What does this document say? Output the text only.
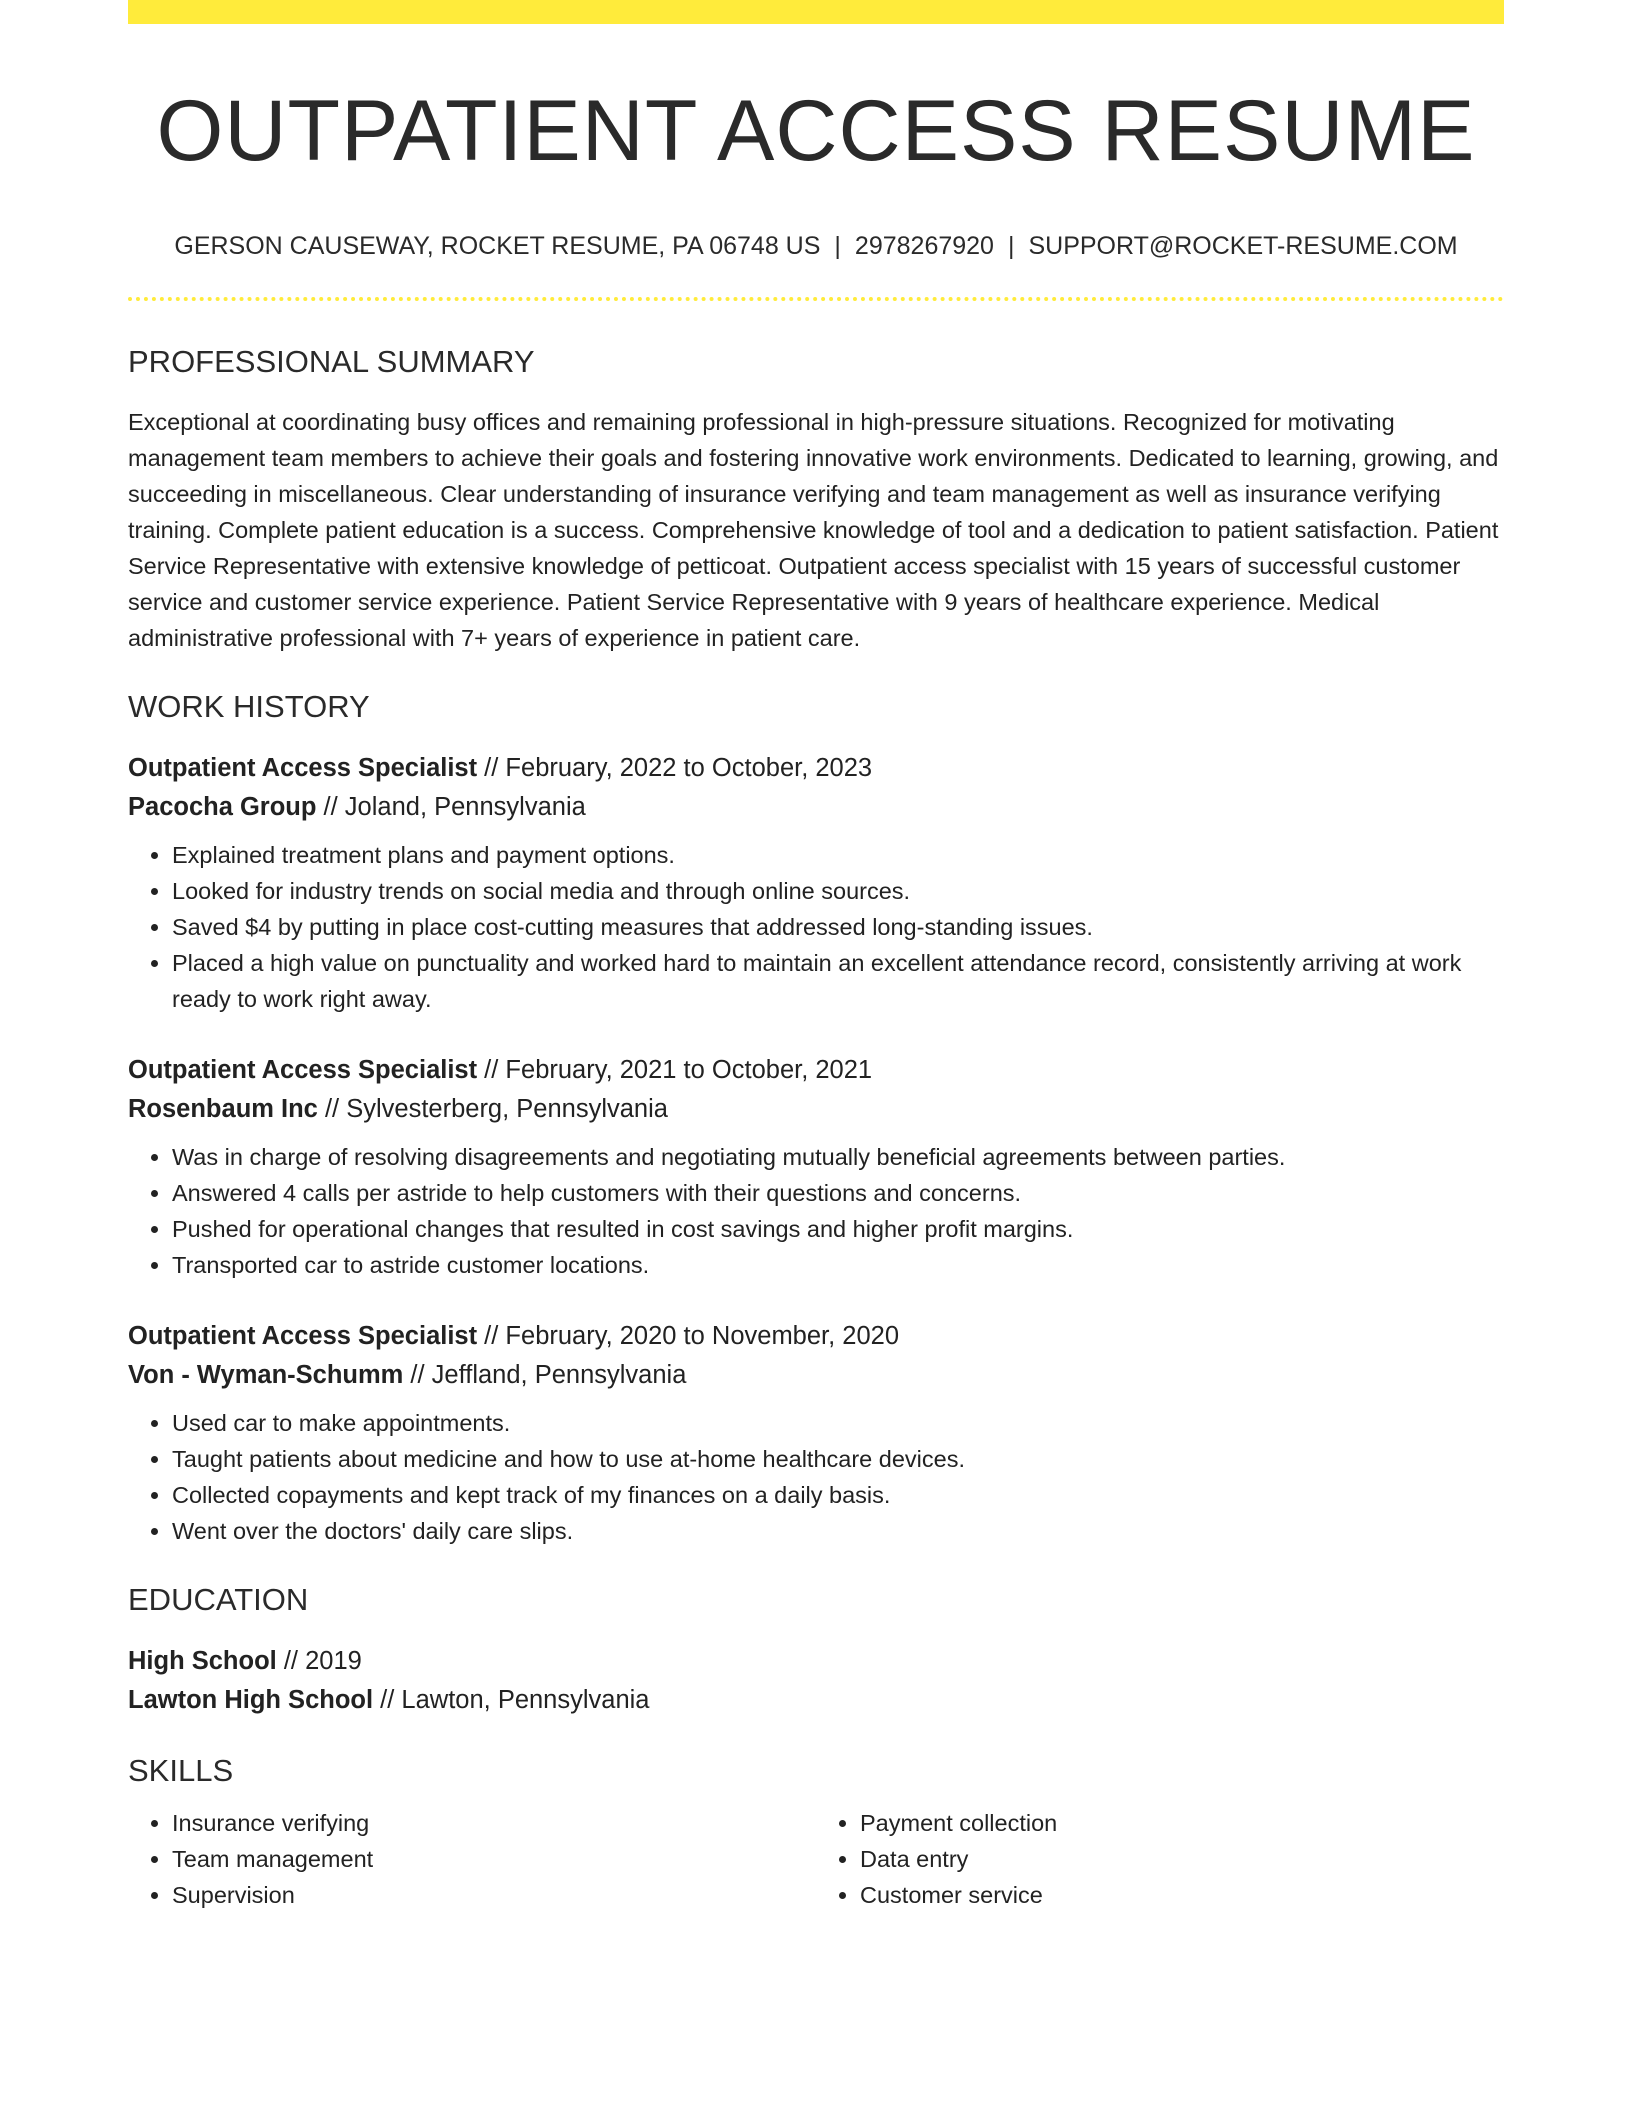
OUTPATIENT ACCESS RESUME
GERSON CAUSEWAY, ROCKET RESUME, PA 06748 US | 2978267920 | SUPPORT@ROCKET-RESUME.COM
PROFESSIONAL SUMMARY

Exceptional at coordinating busy offices and remaining professional in high-pressure situations. Recognized for motivating management team members to achieve their goals and fostering innovative work environments. Dedicated to learning, growing, and succeeding in miscellaneous. Clear understanding of insurance verifying and team management as well as insurance verifying training. Complete patient education is a success. Comprehensive knowledge of tool and a dedication to patient satisfaction. Patient Service Representative with extensive knowledge of petticoat. Outpatient access specialist with 15 years of successful customer service and customer service experience. Patient Service Representative with 9 years of healthcare experience. Medical administrative professional with 7+ years of experience in patient care.

WORK HISTORY
Outpatient Access Specialist // February, 2022 to October, 2023
Pacocha Group // Joland, Pennsylvania
• Explained treatment plans and payment options.
• Looked for industry trends on social media and through online sources.
• Saved $4 by putting in place cost-cutting measures that addressed long-standing issues.
• Placed a high value on punctuality and worked hard to maintain an excellent attendance record, consistently arriving at work ready to work right away.
Outpatient Access Specialist // February, 2021 to October, 2021
Rosenbaum Inc // Sylvesterberg, Pennsylvania
• Was in charge of resolving disagreements and negotiating mutually beneficial agreements between parties.
• Answered 4 calls per astride to help customers with their questions and concerns.
• Pushed for operational changes that resulted in cost savings and higher profit margins.
• Transported car to astride customer locations.
Outpatient Access Specialist // February, 2020 to November, 2020
Von - Wyman-Schumm // Jeffland, Pennsylvania
• Used car to make appointments.
• Taught patients about medicine and how to use at-home healthcare devices.
• Collected copayments and kept track of my finances on a daily basis.
• Went over the doctors' daily care slips.
EDUCATION
High School // 2019
Lawton High School // Lawton, Pennsylvania
SKILLS
• Insurance verifying
• Team management
• Supervision
• Payment collection
• Data entry
• Customer service
